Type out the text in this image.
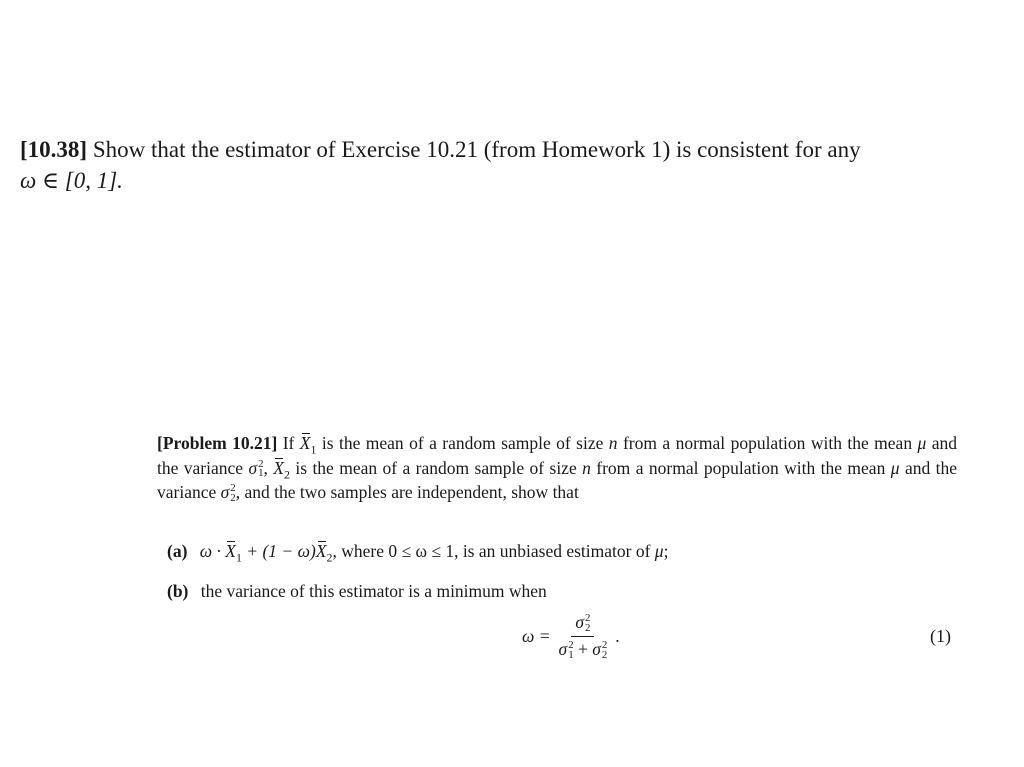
[10.38] Show that the estimator of Exercise 10.21 (from Homework 1) is consistent for any
ω ∈ [0, 1].
[Problem 10.21] If $X_1$ is the mean of a random sample of size n from a normal population with the mean μ and the variance σ 2
1 , $X_2$ is the mean of a random sample of size n from a normal population with the mean μ and the variance σ 2
2 , and the two samples are independent, show that
(a) $\omega \cdot X_1 + (1 - \omega)X_2$, where 0 ≤ ω ≤ 1, is an unbiased estimator of μ;
(b) the variance of this estimator is a minimum when
ω = σ 2
2
σ 2
1 + σ 2
2 .	(1)
